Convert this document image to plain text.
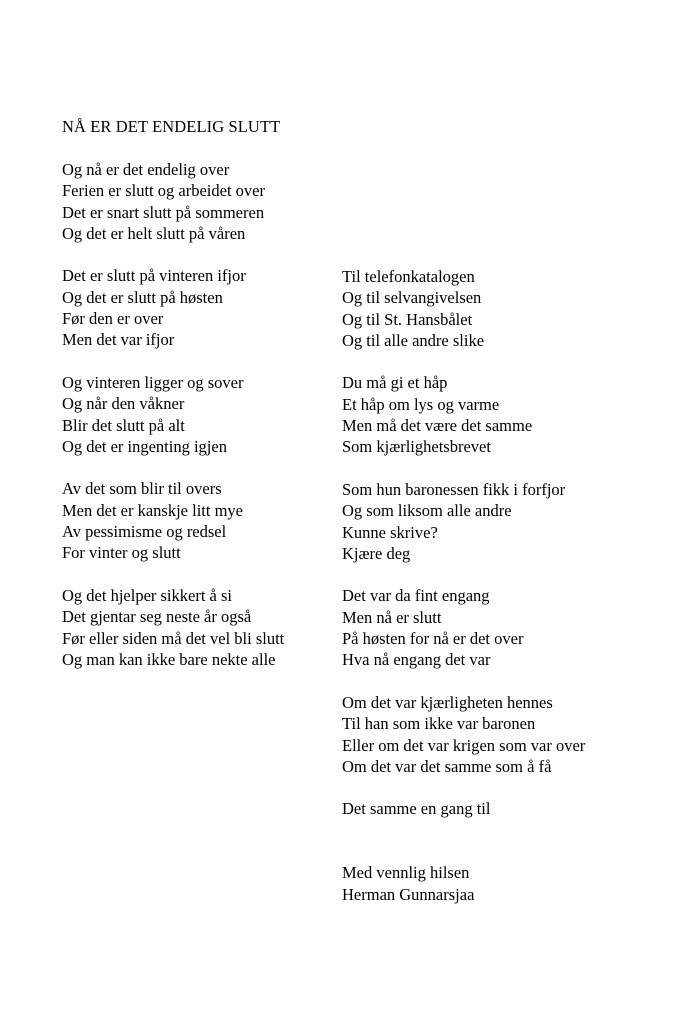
NÅ ER DET ENDELIG SLUTT
Og nå er det endelig over
Ferien er slutt og arbeidet over
Det er snart slutt på sommeren
Og det er helt slutt på våren
Det er slutt på vinteren ifjor
Og det er slutt på høsten
Før den er over
Men det var ifjor
Og vinteren ligger og sover
Og når den våkner
Blir det slutt på alt
Og det er ingenting igjen
Av det som blir til overs
Men det er kanskje litt mye
Av pessimisme og redsel
For vinter og slutt
Og det hjelper sikkert å si
Det gjentar seg neste år også
Før eller siden må det vel bli slutt
Og man kan ikke bare nekte alle
Til telefonkatalogen
Og til selvangivelsen
Og til St. Hansbålet
Og til alle andre slike
Du må gi et håp
Et håp om lys og varme
Men må det være det samme
Som kjærlighetsbrevet
Som hun baronessen fikk i forfjor
Og som liksom alle andre
Kunne skrive?
Kjære deg
Det var da fint engang
Men nå er slutt
På høsten for nå er det over
Hva nå engang det var
Om det var kjærligheten hennes
Til han som ikke var baronen
Eller om det var krigen som var over
Om det var det samme som å få
Det samme en gang til
Med vennlig hilsen
Herman Gunnarsjaa
